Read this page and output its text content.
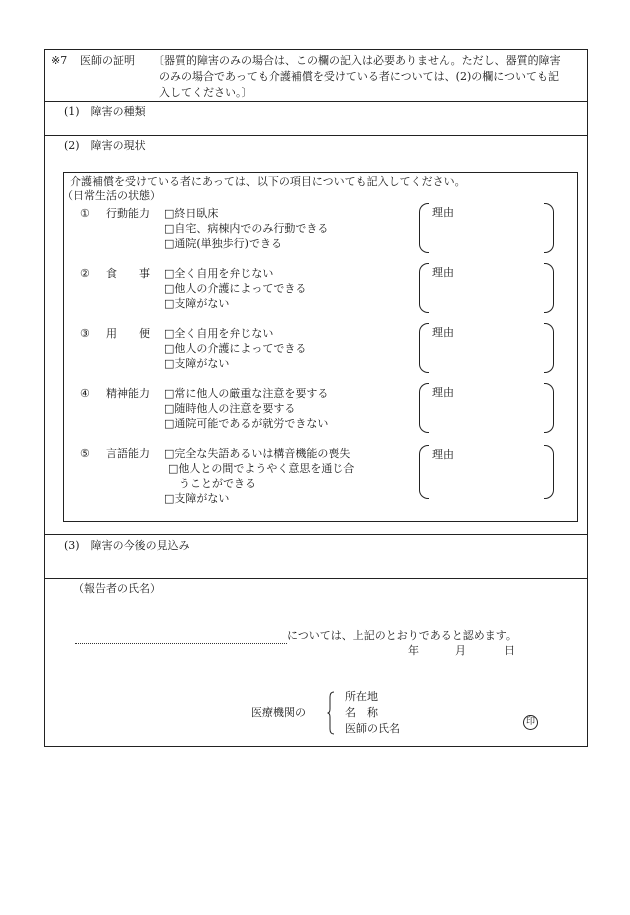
※7 医師の証明 〔器質的障害のみの場合は、この欄の記入は必要ありません。ただし、器質的障害
のみの場合であっても介護補償を受けている者については、(2)の欄についても記
入してください。〕
(1)　障害の種類
(2)　障害の現状
介護補償を受けている者にあっては、以下の項目についても記入してください。
（日常生活の状態）
① 行動能力 □終日臥床
□自宅、病棟内でのみ行動できる
□通院(単独歩行)できる
理由
② 食　　事 □全く自用を弁じない
□他人の介護によってできる
□支障がない
理由
③ 用　　便 □全く自用を弁じない
□他人の介護によってできる
□支障がない
理由
④ 精神能力 □常に他人の厳重な注意を要する
□随時他人の注意を要する
□通院可能であるが就労できない
理由
⑤ 言語能力 □完全な失語あるいは構音機能の喪失
□他人との間でようやく意思を通じ合
　うことができる
□支障がない
理由
(3)　障害の今後の見込み
（報告者の氏名）
については、上記のとおりであると認めます。
年	月	日
医療機関の
所在地
名　称
医師の氏名	印
